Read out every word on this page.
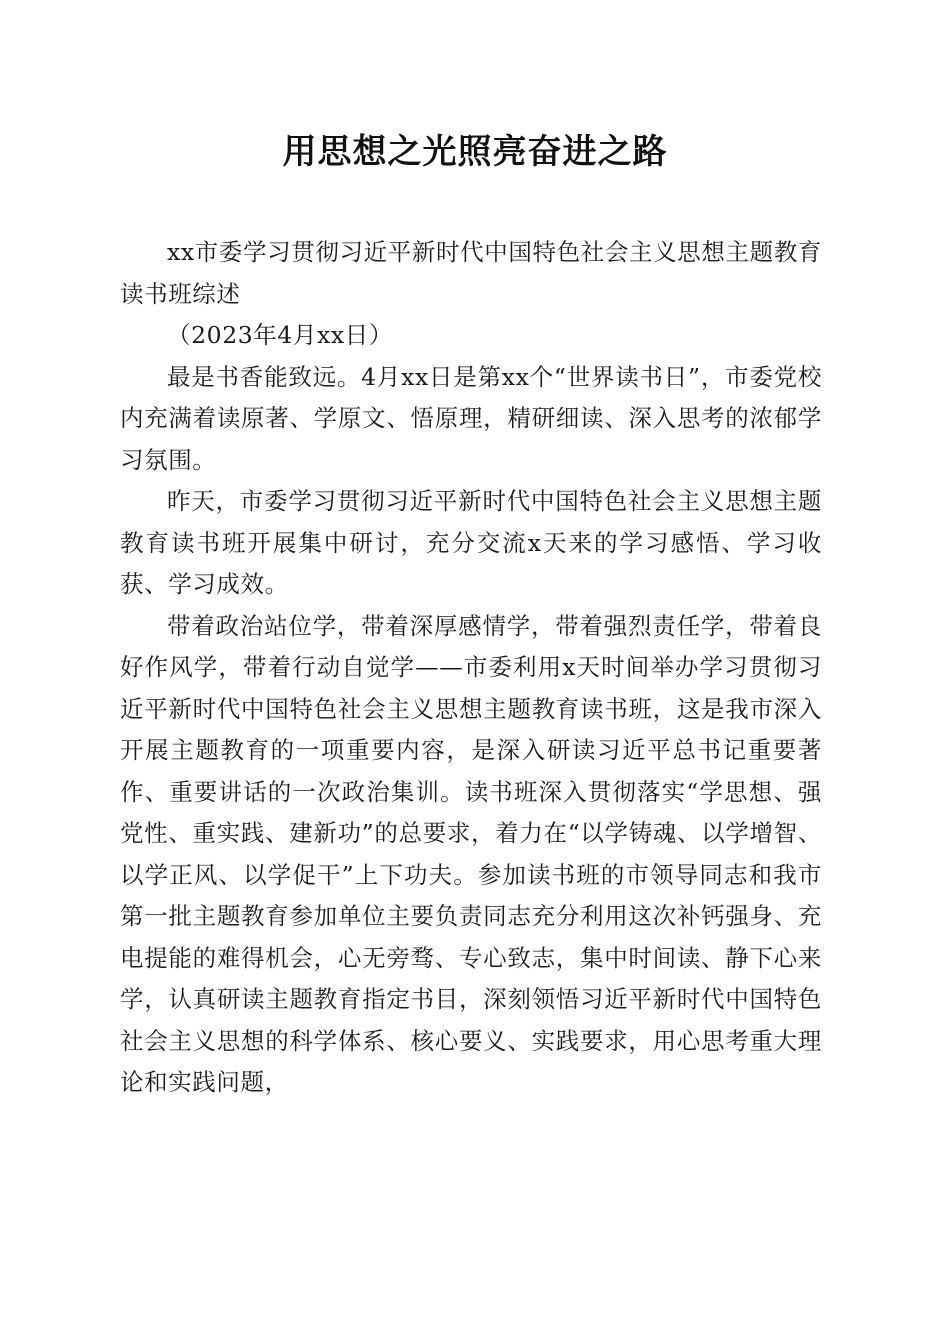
用思想之光照亮奋进之路

xx市委学习贯彻习近平新时代中国特色社会主义思想主题教育读书班综述

（2023年4月xx日）

最是书香能致远。4月xx日是第xx个“世界读书日”，市委党校内充满着读原著、学原文、悟原理，精研细读、深入思考的浓郁学习氛围。

昨天，市委学习贯彻习近平新时代中国特色社会主义思想主题教育读书班开展集中研讨，充分交流x天来的学习感悟、学习收获、学习成效。

带着政治站位学，带着深厚感情学，带着强烈责任学，带着良好作风学，带着行动自觉学——市委利用x天时间举办学习贯彻习近平新时代中国特色社会主义思想主题教育读书班，这是我市深入开展主题教育的一项重要内容，是深入研读习近平总书记重要著作、重要讲话的一次政治集训。读书班深入贯彻落实“学思想、强党性、重实践、建新功”的总要求，着力在“以学铸魂、以学增智、以学正风、以学促干”上下功夫。参加读书班的市领导同志和我市第一批主题教育参加单位主要负责同志充分利用这次补钙强身、充电提能的难得机会，心无旁骛、专心致志，集中时间读、静下心来学，认真研读主题教育指定书目，深刻领悟习近平新时代中国特色社会主义思想的科学体系、核心要义、实践要求，用心思考重大理论和实践问题，
